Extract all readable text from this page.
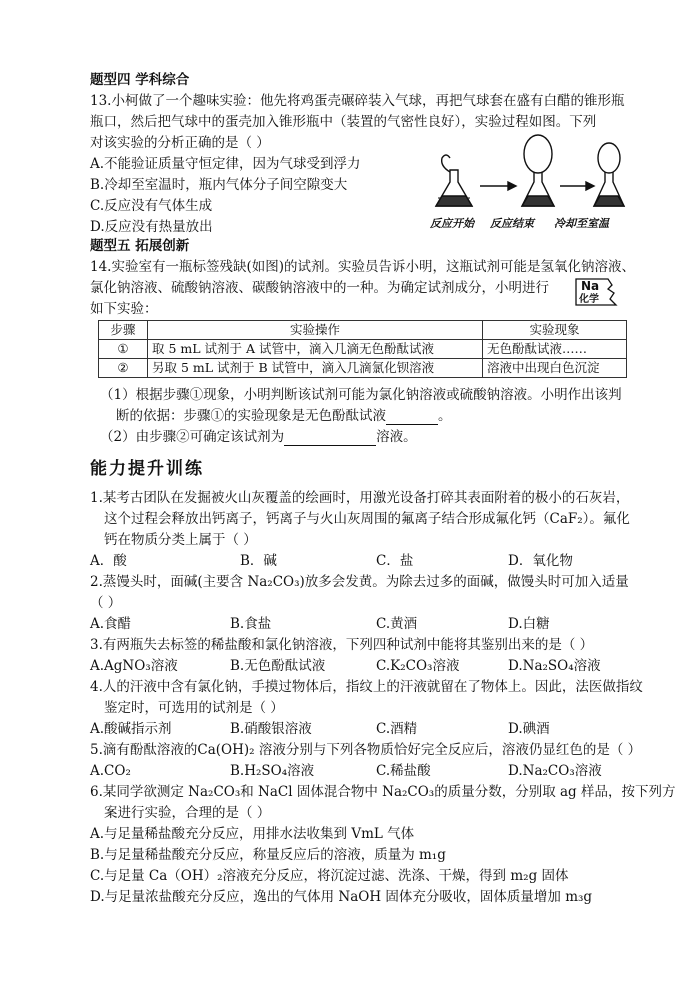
题型四 学科综合
13.小柯做了一个趣味实验：他先将鸡蛋壳碾碎装入气球，再把气球套在盛有白醋的锥形瓶
瓶口，然后把气球中的蛋壳加入锥形瓶中（装置的气密性良好），实验过程如图。下列
对该实验的分析正确的是（ ）
A.不能验证质量守恒定律，因为气球受到浮力
B.冷却至室温时，瓶内气体分子间空隙变大
C.反应没有气体生成
D.反应没有热量放出	反应开始 反应结束 冷却至室温
题型五 拓展创新
14.实验室有一瓶标签残缺(如图)的试剂。实验员告诉小明，这瓶试剂可能是氢氧化钠溶液、
氯化钠溶液、硫酸钠溶液、碳酸钠溶液中的一种。为确定试剂成分，小明进行
如下实验：
Na
化学
步骤	实验操作	实验现象
①	取 5 mL 试剂于 A 试管中，滴入几滴无色酚酞试液	无色酚酞试液……
②	另取 5 mL 试剂于 B 试管中，滴入几滴氯化钡溶液	溶液中出现白色沉淀
（1）根据步骤①现象，小明判断该试剂可能为氯化钠溶液或硫酸钠溶液。小明作出该判
断的依据：步骤①的实验现象是无色酚酞试液	。
（2）由步骤②可确定该试剂为	溶液。
能力提升训练
1.某考古团队在发掘被火山灰覆盖的绘画时，用激光设备打碎其表面附着的极小的石灰岩，
这个过程会释放出钙离子，钙离子与火山灰周围的氟离子结合形成氟化钙（CaF₂）。氟化
钙在物质分类上属于（ ）
A．酸	B．碱	C．盐	D．氧化物
2.蒸馒头时，面碱(主要含 Na₂CO₃)放多会发黄。为除去过多的面碱，做馒头时可加入适量
（ ）
A.食醋	B.食盐	C.黄酒	D.白糖
3.有两瓶失去标签的稀盐酸和氯化钠溶液，下列四种试剂中能将其鉴别出来的是（ ）
A.AgNO₃溶液	B.无色酚酞试液	C.K₂CO₃溶液	D.Na₂SO₄溶液
4.人的汗液中含有氯化钠，手摸过物体后，指纹上的汗液就留在了物体上。因此，法医做指纹
鉴定时，可选用的试剂是（ ）
A.酸碱指示剂	B.硝酸银溶液	C.酒精	D.碘酒
5.滴有酚酞溶液的Ca(OH)₂ 溶液分别与下列各物质恰好完全反应后，溶液仍显红色的是（ ）
A.CO₂	B.H₂SO₄溶液	C.稀盐酸	D.Na₂CO₃溶液
6.某同学欲测定 Na₂CO₃和 NaCl 固体混合物中 Na₂CO₃的质量分数，分别取 ag 样品，按下列方
案进行实验，合理的是（ ）
A.与足量稀盐酸充分反应，用排水法收集到 VmL 气体
B.与足量稀盐酸充分反应，称量反应后的溶液，质量为 m₁g
C.与足量 Ca（OH）₂溶液充分反应，将沉淀过滤、洗涤、干燥，得到 m₂g 固体
D.与足量浓盐酸充分反应，逸出的气体用 NaOH 固体充分吸收，固体质量增加 m₃g
